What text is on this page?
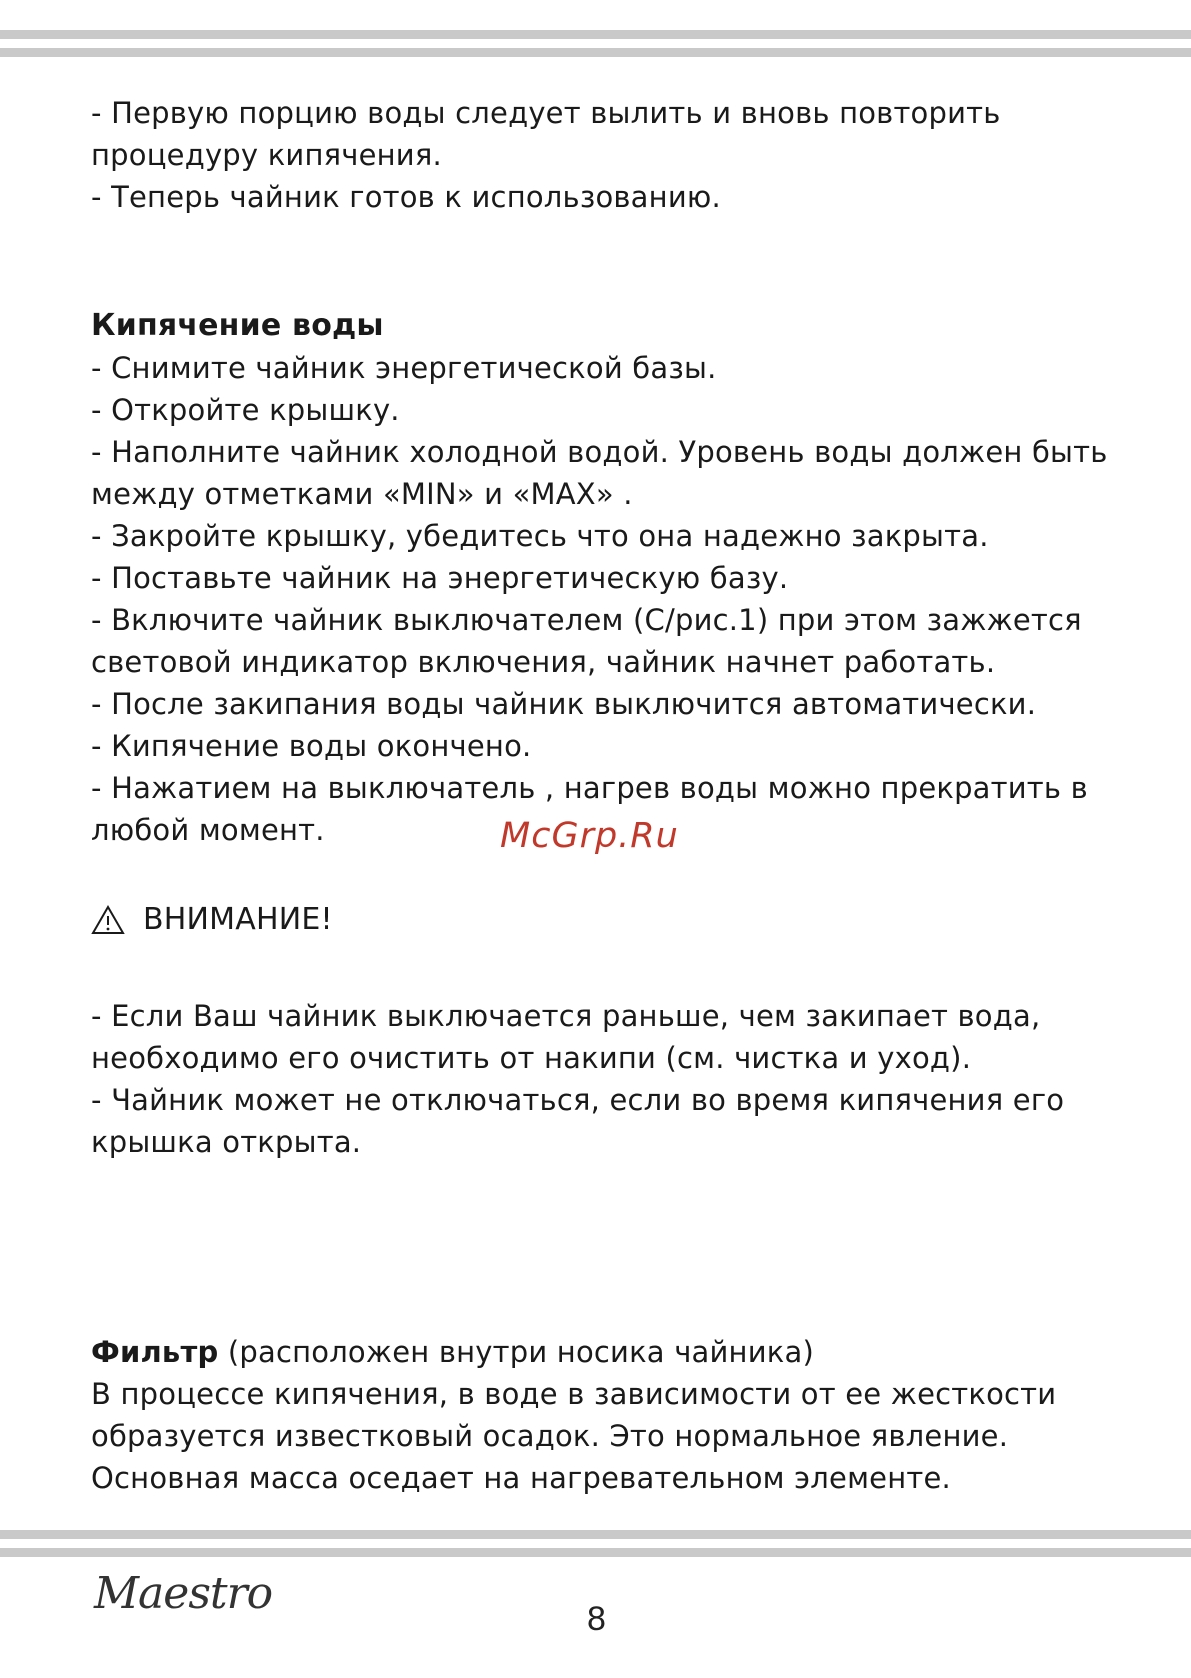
- Первую порцию воды следует вылить и вновь повторить
процедуру кипячения.
- Теперь чайник готов к использованию.
Кипячение воды
- Снимите чайник энергетической базы.
- Откройте крышку.
- Наполните чайник холодной водой. Уровень воды должен быть
между отметками «MIN» и «MAX» .
- Закройте крышку, убедитесь что она надежно закрыта.
- Поставьте чайник на энергетическую базу.
- Включите чайник выключателем (С/рис.1) при этом зажжется
световой индикатор включения, чайник начнет работать.
- После закипания воды чайник выключится автоматически.
- Кипячение воды окончено.
- Нажатием на выключатель , нагрев воды можно прекратить в
любой момент.
ВНИМАНИЕ!
- Если Ваш чайник выключается раньше, чем закипает вода,
необходимо его очистить от накипи (см. чистка и уход).
- Чайник может не отключаться, если во время кипячения его
крышка открыта.
Фильтр (расположен внутри носика чайника)
В процессе кипячения, в воде в зависимости от ее жесткости
образуется известковый осадок. Это нормальное явление.
Основная масса оседает на нагревательном элементе.
McGrp.Ru
Maestro	8
